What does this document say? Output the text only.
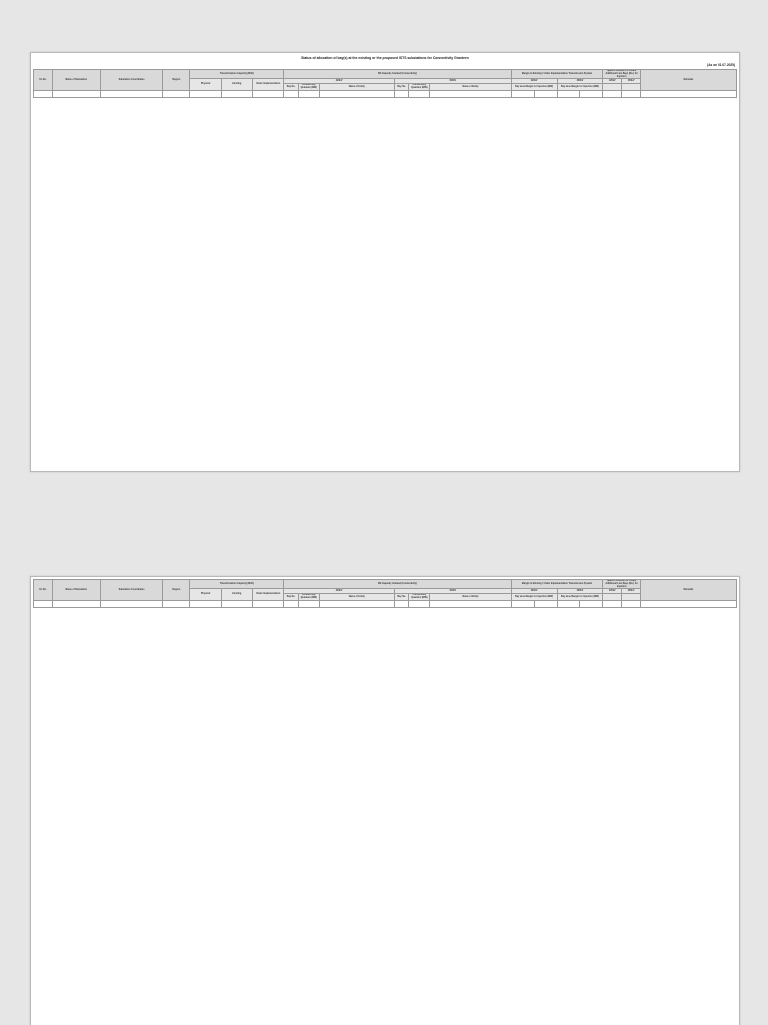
Status of allocation of bay(s) at the existing or the proposed ISTS substations for Connectivity Grantees
(As on 01.07.2025)
Sl. No.	Name of Substation	Substation Coordinates	Region	Transformation Capacity (MVA)			RE Capacity Granted (Connectivity)						Margin in Existing / Under Implementation Transmission System				Space Provision for Future Additional Line Bays (No.) for Injection		Remarks
				Physical	Existing	Under Implementation	220kV			400kV			220kV		400kV		220kV	400kV	
							Bay No.	Connectivity Quantum (MW)	Name of Entity	Bay No.	Connectivity Quantum (MW)	Name of Entity	Bay wise Margin for Injection (MW)		Bay wise Margin for Injection (MW)				

Sl. No.	Name of Substation	Substation Coordinates	Region	Transformation Capacity (MVA)			RE Capacity Granted (Connectivity)						Margin in Existing / Under Implementation Transmission System				Space Provision for Future Additional Line Bays (No.) for Injection		Remarks
				Physical	Existing	Under Implementation	220kV			400kV			220kV		400kV		220kV	400kV	
							Bay No.	Connectivity Quantum (MW)	Name of Entity	Bay No.	Connectivity Quantum (MW)	Name of Entity	Bay wise Margin for Injection (MW)		Bay wise Margin for Injection (MW)				
